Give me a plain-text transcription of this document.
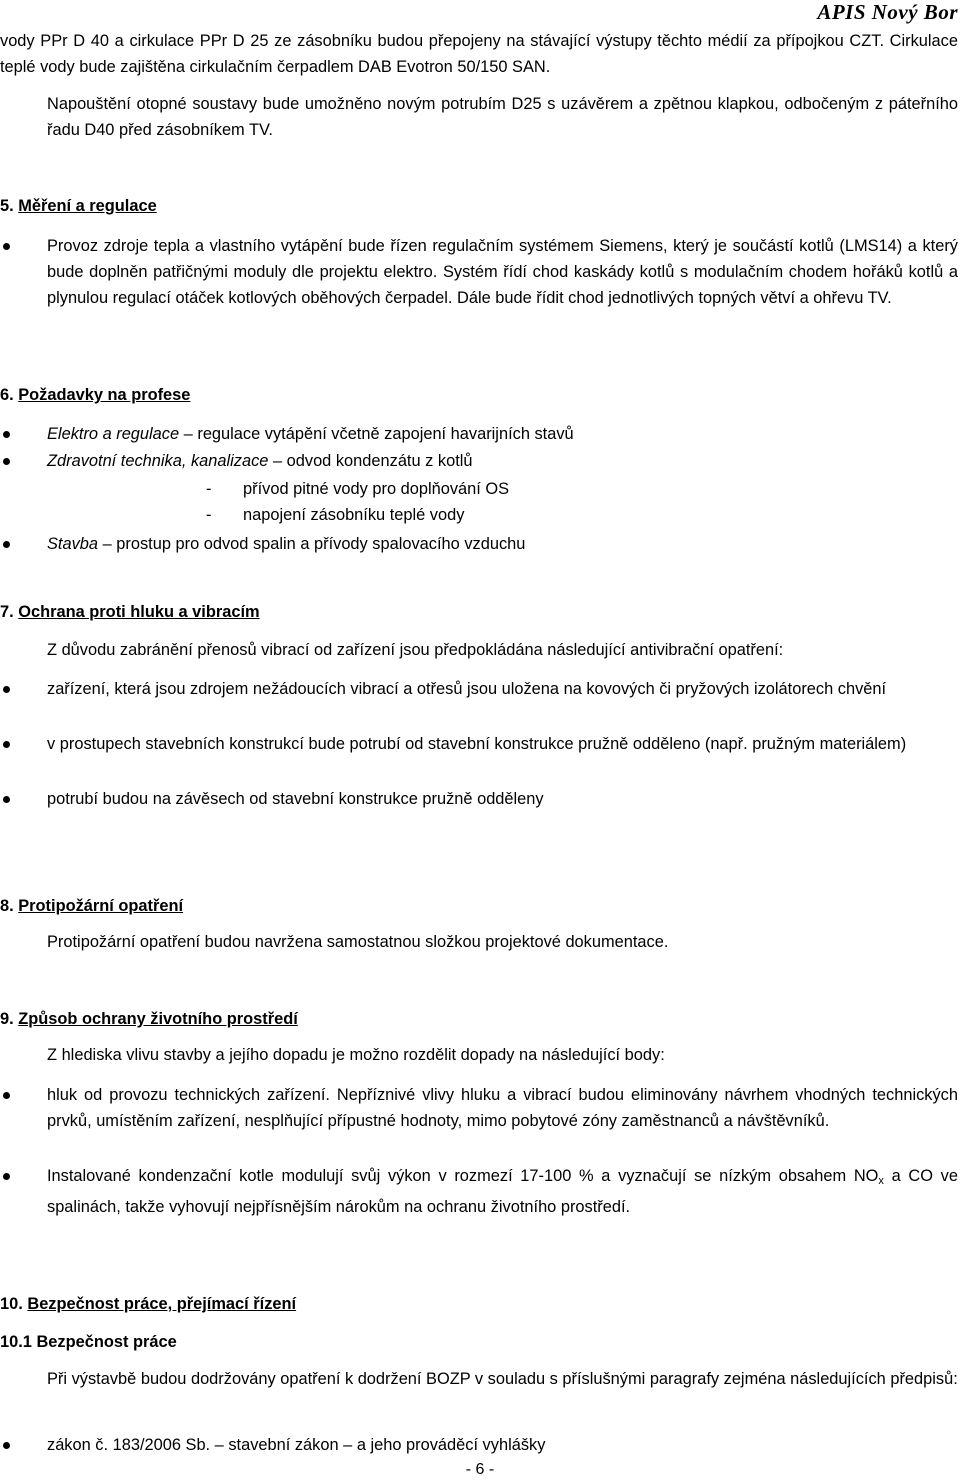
APIS Nový Bor
vody PPr D 40 a cirkulace PPr D 25 ze zásobníku budou přepojeny na stávající výstupy těchto médií za přípojkou CZT. Cirkulace teplé vody bude zajištěna cirkulačním čerpadlem DAB Evotron 50/150 SAN.
Napouštění otopné soustavy bude umožněno novým potrubím D25 s uzávěrem a zpětnou klapkou, odbočeným z páteřního řadu D40 před zásobníkem TV.
5. Měření a regulace
Provoz zdroje tepla a vlastního vytápění bude řízen regulačním systémem Siemens, který je součástí kotlů (LMS14) a který bude doplněn patřičnými moduly dle projektu elektro. Systém řídí chod kaskády kotlů s modulačním chodem hořáků kotlů a plynulou regulací otáček kotlových oběhových čerpadel. Dále bude řídit chod jednotlivých topných větví a ohřevu TV.
6. Požadavky na profese
Elektro a regulace – regulace vytápění včetně zapojení havarijních stavů
Zdravotní technika, kanalizace – odvod kondenzátu z kotlů
- přívod pitné vody pro doplňování OS
- napojení zásobníku teplé vody
Stavba – prostup pro odvod spalin a přívody spalovacího vzduchu
7. Ochrana proti hluku a vibracím
Z důvodu zabránění přenosů vibrací od zařízení jsou předpokládána následující antivibrační opatření:
zařízení, která jsou zdrojem nežádoucích vibrací a otřesů jsou uložena na kovových či pryžových izolátorech chvění
v prostupech stavebních konstrukcí bude potrubí od stavební konstrukce pružně odděleno (např. pružným materiálem)
potrubí budou na závěsech od stavební konstrukce pružně odděleny
8. Protipožární opatření
Protipožární opatření budou navržena samostatnou složkou projektové dokumentace.
9. Způsob ochrany životního prostředí
Z hlediska vlivu stavby a jejího dopadu je možno rozdělit dopady na následující body:
hluk od provozu technických zařízení. Nepříznivé vlivy hluku a vibrací budou eliminovány návrhem vhodných technických prvků, umístěním zařízení, nesplňující přípustné hodnoty, mimo pobytové zóny zaměstnanců a návštěvníků.
Instalované kondenzační kotle modulují svůj výkon v rozmezí 17-100 % a vyznačují se nízkým obsahem $NO_x$ a CO ve spalinách, takže vyhovují nejpřísnějším nárokům na ochranu životního prostředí.
10. Bezpečnost práce, přejímací řízení
10.1 Bezpečnost práce
Při výstavbě budou dodržovány opatření k dodržení BOZP v souladu s příslušnými paragrafy zejména následujících předpisů:
zákon č. 183/2006 Sb. – stavební zákon – a jeho prováděcí vyhlášky
- 6 -
